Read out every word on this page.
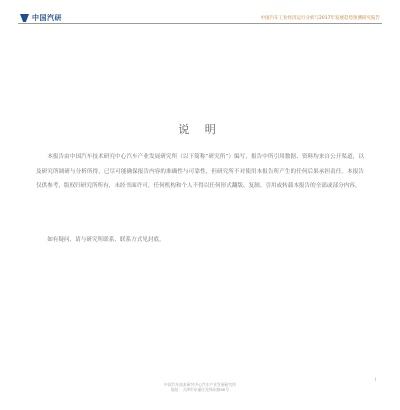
中国汽研	中国汽车工业经济运行分析与2017年发展趋势预测研究报告
说 明

本报告由中国汽车技术研究中心汽车产业发展研究所（以下简称“研究所”）编写，报告中所引用数据、资料均来自公开渠道，以及研究所调研与分析所得，已尽可能确保报告内容的准确性与可靠性，但研究所不对使用本报告所产生的任何后果承担责任。本报告仅供参考，版权归研究所所有，未经书面许可，任何机构和个人不得以任何形式翻版、复制、引用或转载本报告的全部或部分内容。

如有疑问，请与研究所联系，联系方式见封底。

中国汽车技术研究中心汽车产业发展研究所
地址：天津市东丽区先锋东路68号
I
